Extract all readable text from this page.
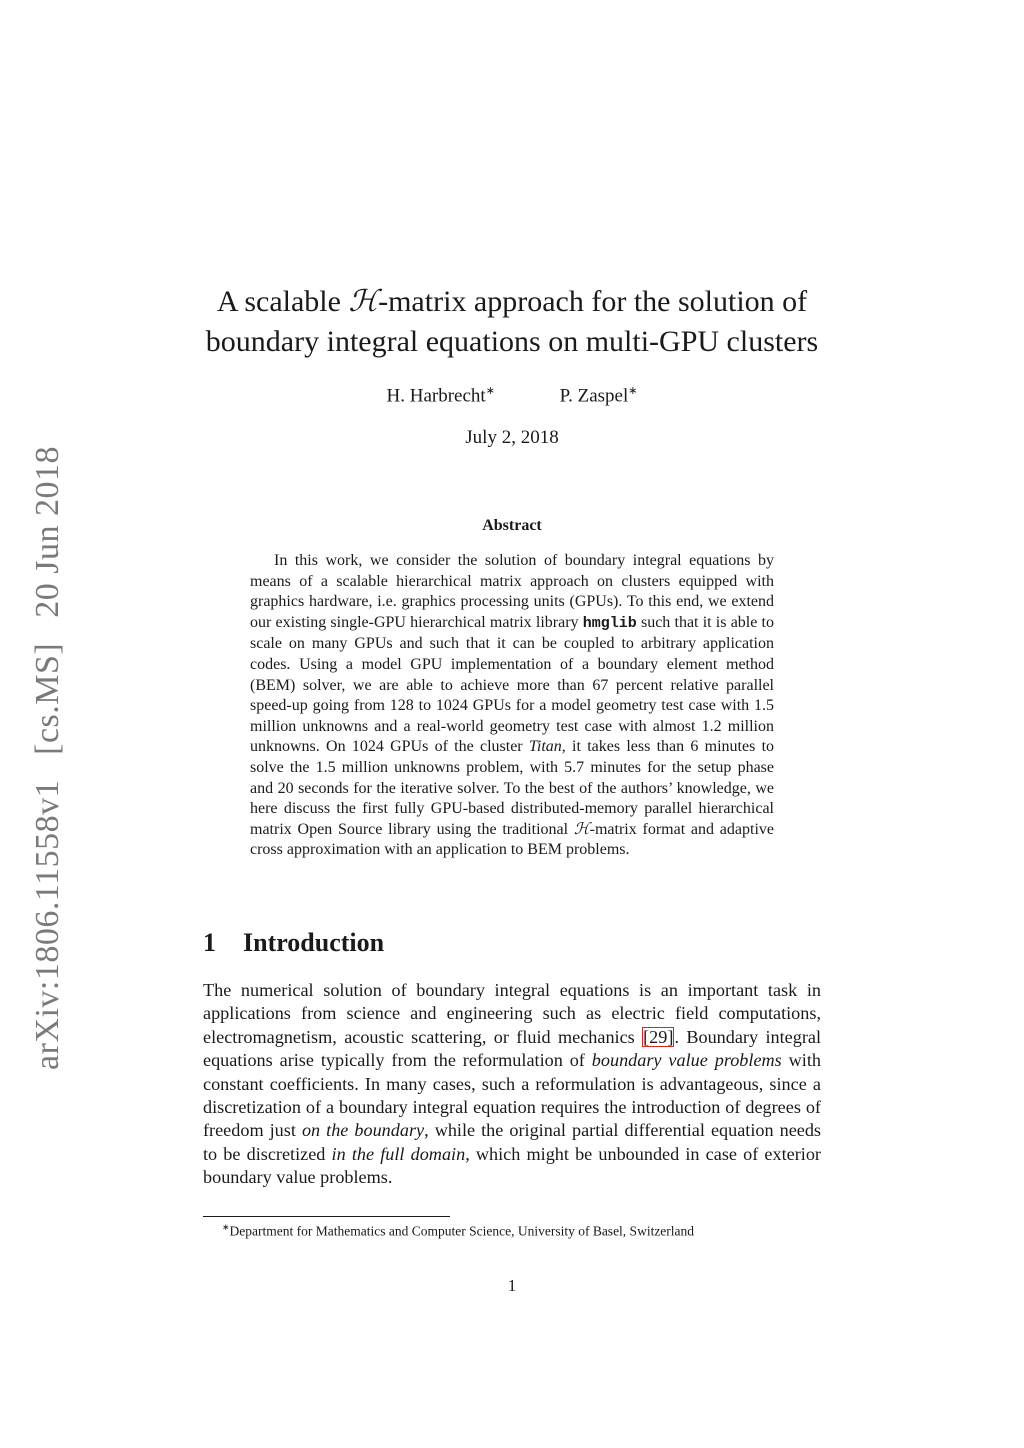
arXiv:1806.11558v1 [cs.MS] 20 Jun 2018
A scalable ℋ-matrix approach for the solution of
boundary integral equations on multi-GPU clusters
H. Harbrecht∗	P. Zaspel∗
July 2, 2018
Abstract
In this work, we consider the solution of boundary integral equations by means of a scalable hierarchical matrix approach on clusters equipped with graphics hardware, i.e. graphics processing units (GPUs). To this end, we extend our existing single-GPU hierarchical matrix library hmglib such that it is able to scale on many GPUs and such that it can be coupled to arbitrary application codes. Using a model GPU implementation of a boundary element method (BEM) solver, we are able to achieve more than 67 percent relative parallel speed-up going from 128 to 1024 GPUs for a model geometry test case with 1.5 million unknowns and a real-world geometry test case with almost 1.2 million unknowns. On 1024 GPUs of the cluster Titan, it takes less than 6 minutes to solve the 1.5 million unknowns problem, with 5.7 minutes for the setup phase and 20 seconds for the iterative solver. To the best of the authors’ knowledge, we here discuss the first fully GPU-based distributed-memory parallel hierarchical matrix Open Source library using the traditional ℋ-matrix format and adaptive cross approximation with an application to BEM problems.
1 Introduction
The numerical solution of boundary integral equations is an important task in applications from science and engineering such as electric field computations, electromagnetism, acoustic scattering, or fluid mechanics [29]. Boundary integral equations arise typically from the reformulation of boundary value problems with constant coefficients. In many cases, such a reformulation is advantageous, since a discretization of a boundary integral equation requires the introduction of degrees of freedom just on the boundary, while the original partial differential equation needs to be discretized in the full domain, which might be unbounded in case of exterior boundary value problems.
∗Department for Mathematics and Computer Science, University of Basel, Switzerland
1
